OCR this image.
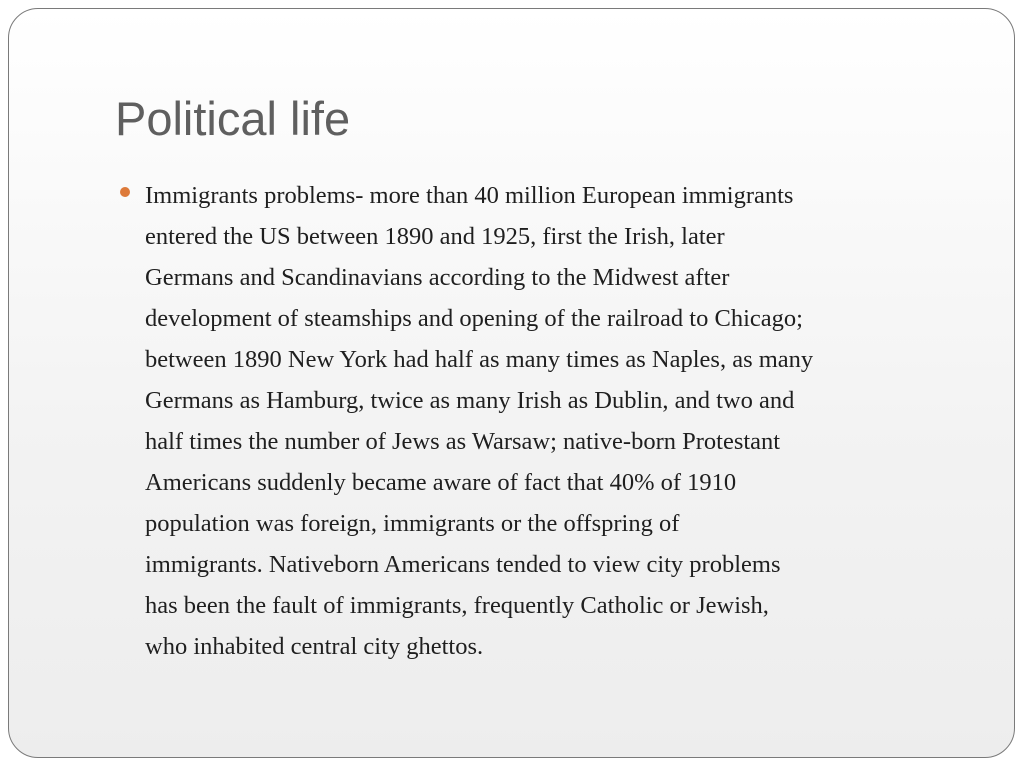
Political life
Immigrants problems- more than 40 million European immigrants
entered the US between 1890 and 1925, first the Irish, later
Germans and Scandinavians according to the Midwest after
development of steamships and opening of the railroad to Chicago;
between 1890 New York had half as many times as Naples, as many
Germans as Hamburg, twice as many Irish as Dublin, and two and
half times the number of Jews as Warsaw; native-born Protestant
Americans suddenly became aware of fact that 40% of 1910
population was foreign, immigrants or the offspring of
immigrants. Nativeborn Americans tended to view city problems
has been the fault of immigrants, frequently Catholic or Jewish,
who inhabited central city ghettos.
